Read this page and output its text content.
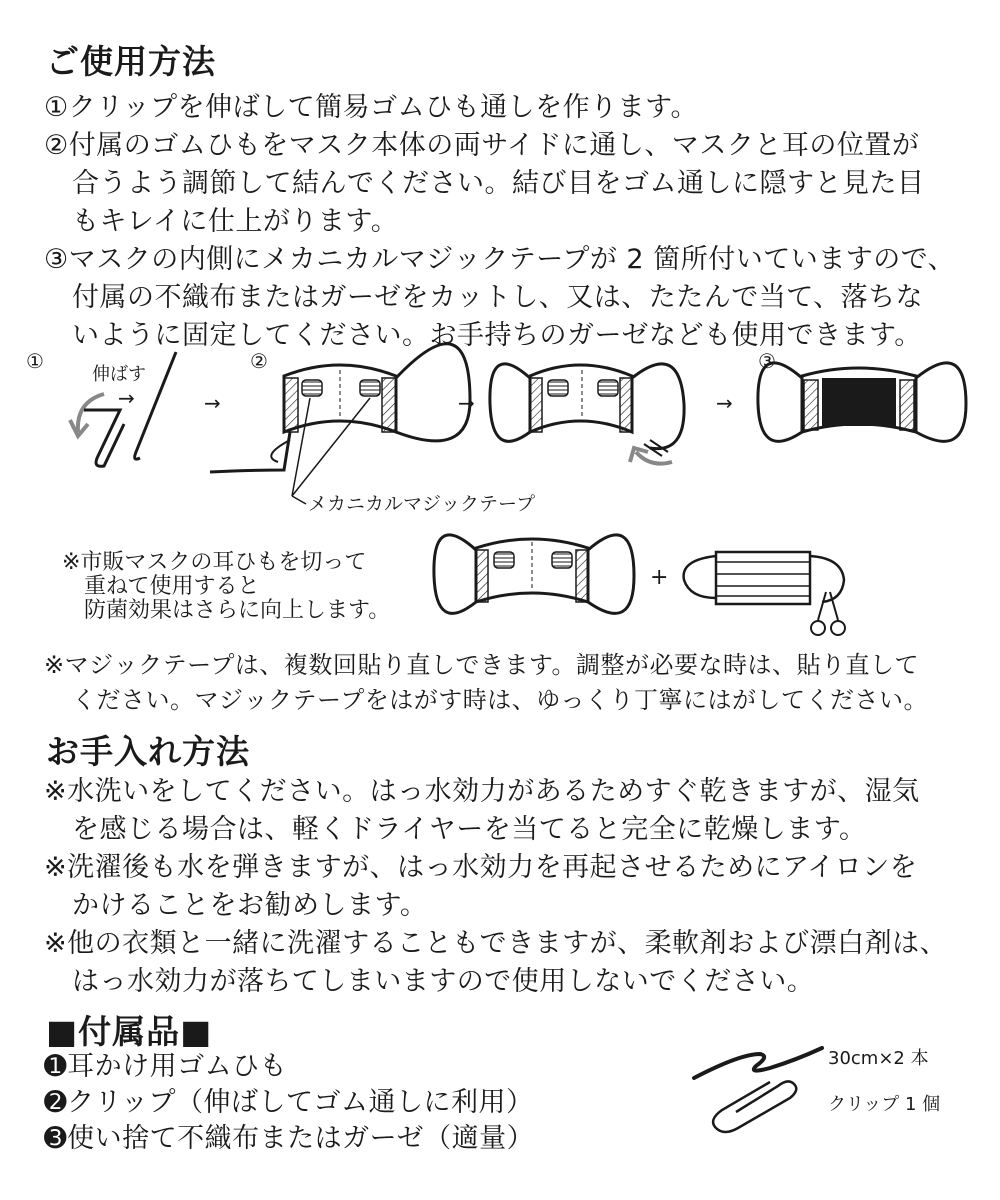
ご使用方法

①クリップを伸ばして簡易ゴムひも通しを作ります。

②付属のゴムひもをマスク本体の両サイドに通し、マスクと耳の位置が

合うよう調節して結んでください。結び目をゴム通しに隠すと見た目

もキレイに仕上がります。

③マスクの内側にメカニカルマジックテープが 2 箇所付いていますので、

付属の不織布またはガーゼをカットし、又は、たたんで当て、落ちな

いように固定してください。お手持ちのガーゼなども使用できます。

①
伸ばす
→	→
②
メカニカルマジックテープ
→	→
③
+

※市販マスクの耳ひもを切って

重ねて使用すると

防菌効果はさらに向上します。

※マジックテープは、複数回貼り直しできます。調整が必要な時は、貼り直して

ください。マジックテープをはがす時は、ゆっくり丁寧にはがしてください。

お手入れ方法

※水洗いをしてください。はっ水効力があるためすぐ乾きますが、湿気

を感じる場合は、軽くドライヤーを当てると完全に乾燥します。

※洗濯後も水を弾きますが、はっ水効力を再起させるためにアイロンを

かけることをお勧めします。

※他の衣類と一緒に洗濯することもできますが、柔軟剤および漂白剤は、

はっ水効力が落ちてしまいますので使用しないでください。

■付属品■

➊耳かけ用ゴムひも

➋クリップ（伸ばしてゴム通しに利用）

➌使い捨て不織布またはガーゼ（適量）

30cm×2 本

クリップ 1 個
